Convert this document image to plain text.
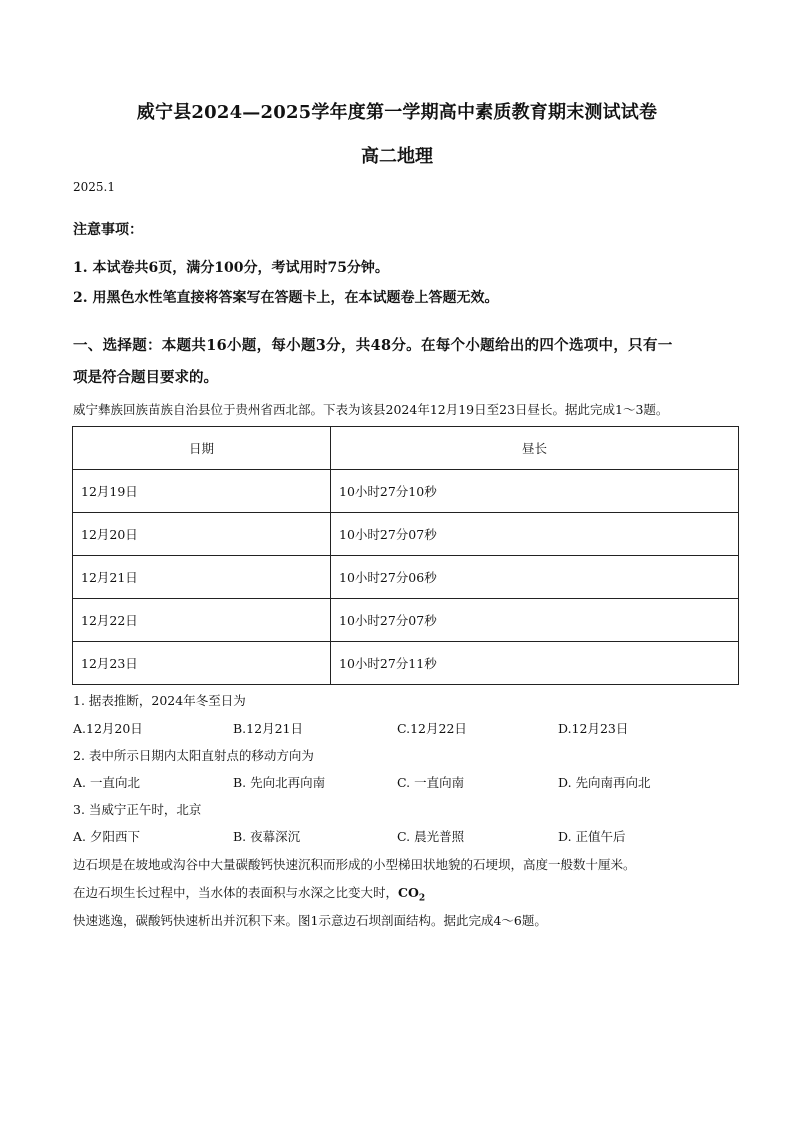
威宁县2024—2025学年度第一学期高中素质教育期末测试试卷
高二地理
2025.1
注意事项：
1. 本试卷共6页，满分100分，考试用时75分钟。
2. 用黑色水性笔直接将答案写在答题卡上，在本试题卷上答题无效。
一、选择题：本题共16小题，每小题3分，共48分。在每个小题给出的四个选项中，只有一
项是符合题目要求的。
威宁彝族回族苗族自治县位于贵州省西北部。下表为该县2024年12月19日至23日昼长。据此完成1～3题。
日期	昼长
12月19日	10小时27分10秒
12月20日	10小时27分07秒
12月21日	10小时27分06秒
12月22日	10小时27分07秒
12月23日	10小时27分11秒
1. 据表推断，2024年冬至日为
A.12月20日	B.12月21日	C.12月22日	D.12月23日
2. 表中所示日期内太阳直射点的移动方向为
A. 一直向北	B. 先向北再向南	C. 一直向南	D. 先向南再向北
3. 当威宁正午时，北京
A. 夕阳西下	B. 夜幕深沉	C. 晨光普照	D. 正值午后
边石坝是在坡地或沟谷中大量碳酸钙快速沉积而形成的小型梯田状地貌的石埂坝，高度一般数十厘米。
在边石坝生长过程中，当水体的表面积与水深之比变大时，$CO_2$
快速逃逸，碳酸钙快速析出并沉积下来。图1示意边石坝剖面结构。据此完成4～6题。
